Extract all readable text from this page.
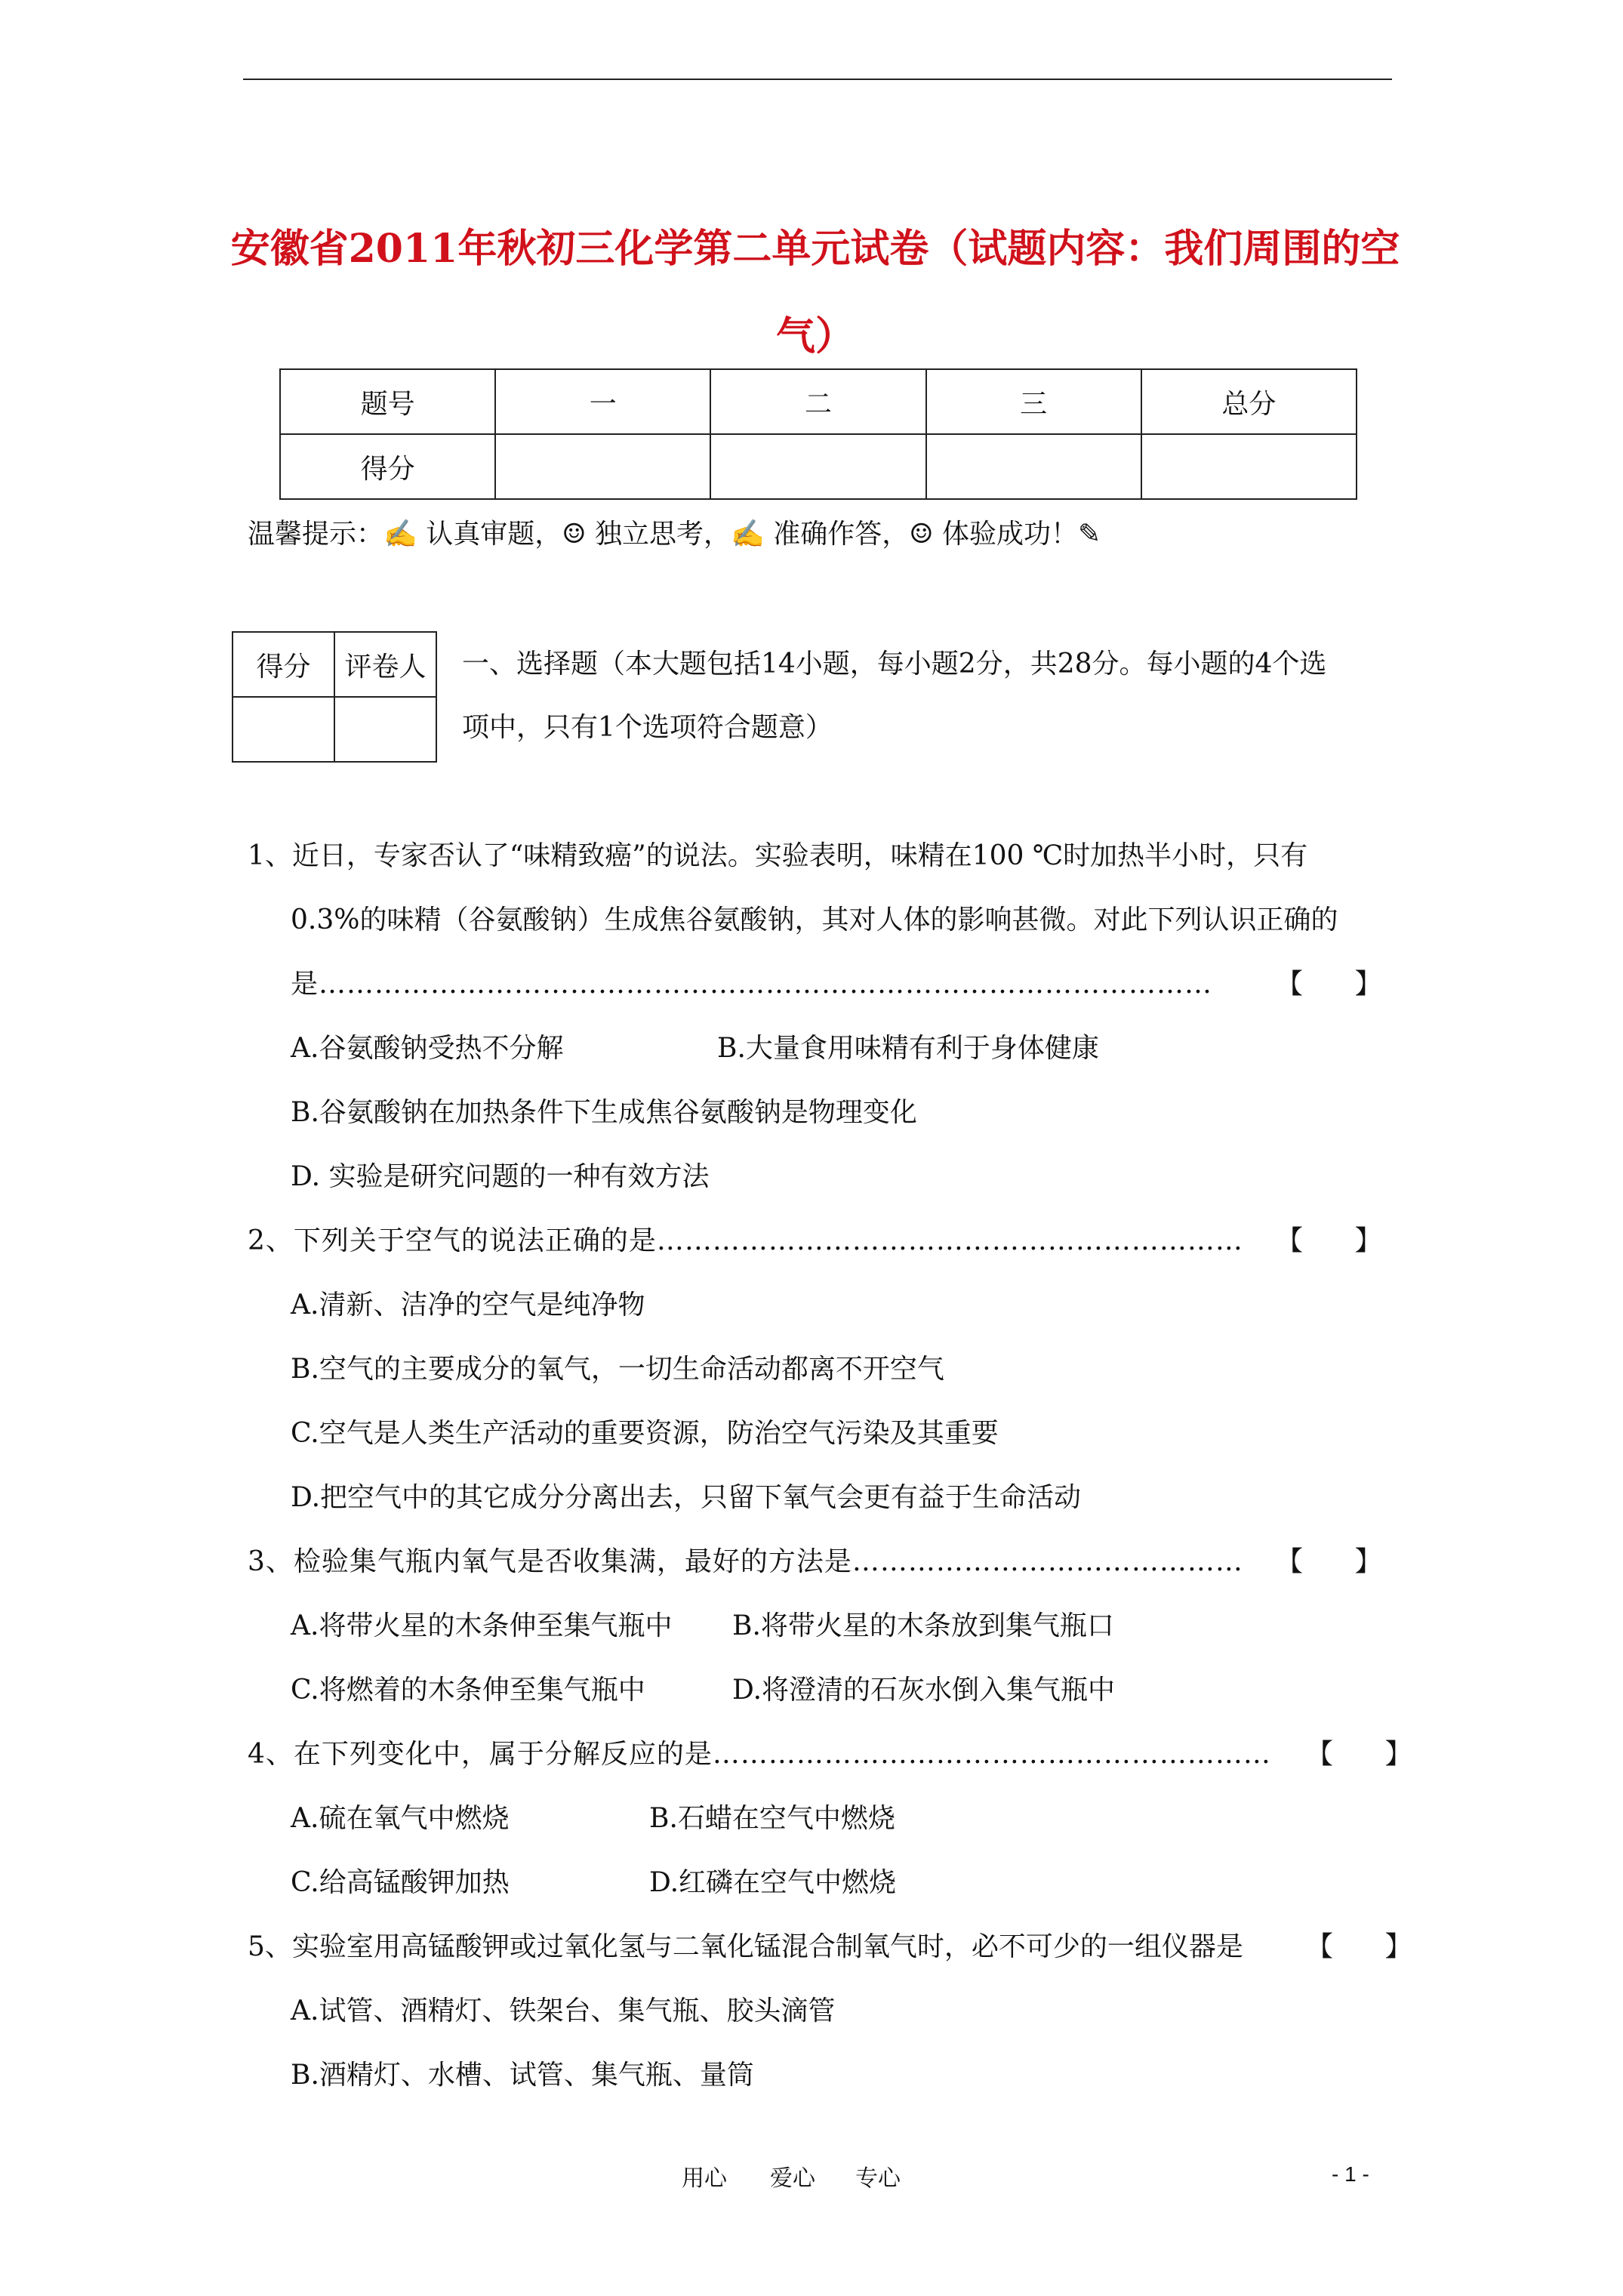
安徽省2011年秋初三化学第二单元试卷（试题内容：我们周围的空
气）
题号	一	二	三	总分
得分				
温馨提示：✍ 认真审题，☺ 独立思考，✍ 准确作答，☺ 体验成功！✎
得分	评卷人
	一、选择题（本大题包括14小题，每小题2分，共28分。每小题的4个选
项中，只有1个选项符合题意）
1、近日，专家否认了“味精致癌”的说法。实验表明，味精在100 ℃时加热半小时，只有
0.3%的味精（谷氨酸钠）生成焦谷氨酸钠，其对人体的影响甚微。对此下列认识正确的
是…………………………………………………………………………………… 【      】
A.谷氨酸钠受热不分解	B.大量食用味精有利于身体健康
B.谷氨酸钠在加热条件下生成焦谷氨酸钠是物理变化
D. 实验是研究问题的一种有效方法
2、下列关于空气的说法正确的是……………………………………………………… 【      】
A.清新、洁净的空气是纯净物
B.空气的主要成分的氧气，一切生命活动都离不开空气
C.空气是人类生产活动的重要资源，防治空气污染及其重要
D.把空气中的其它成分分离出去，只留下氧气会更有益于生命活动
3、检验集气瓶内氧气是否收集满，最好的方法是…………………………………… 【      】
A.将带火星的木条伸至集气瓶中 B.将带火星的木条放到集气瓶口
C.将燃着的木条伸至集气瓶中	D.将澄清的石灰水倒入集气瓶中
4、在下列变化中，属于分解反应的是…………………………………………………… 【      】
A.硫在氧气中燃烧	B.石蜡在空气中燃烧
C.给高锰酸钾加热	D.红磷在空气中燃烧
5、实验室用高锰酸钾或过氧化氢与二氧化锰混合制氧气时，必不可少的一组仪器是 【      】
A.试管、酒精灯、铁架台、集气瓶、胶头滴管
B.酒精灯、水槽、试管、集气瓶、量筒
用心 爱心 专心	- 1 -
